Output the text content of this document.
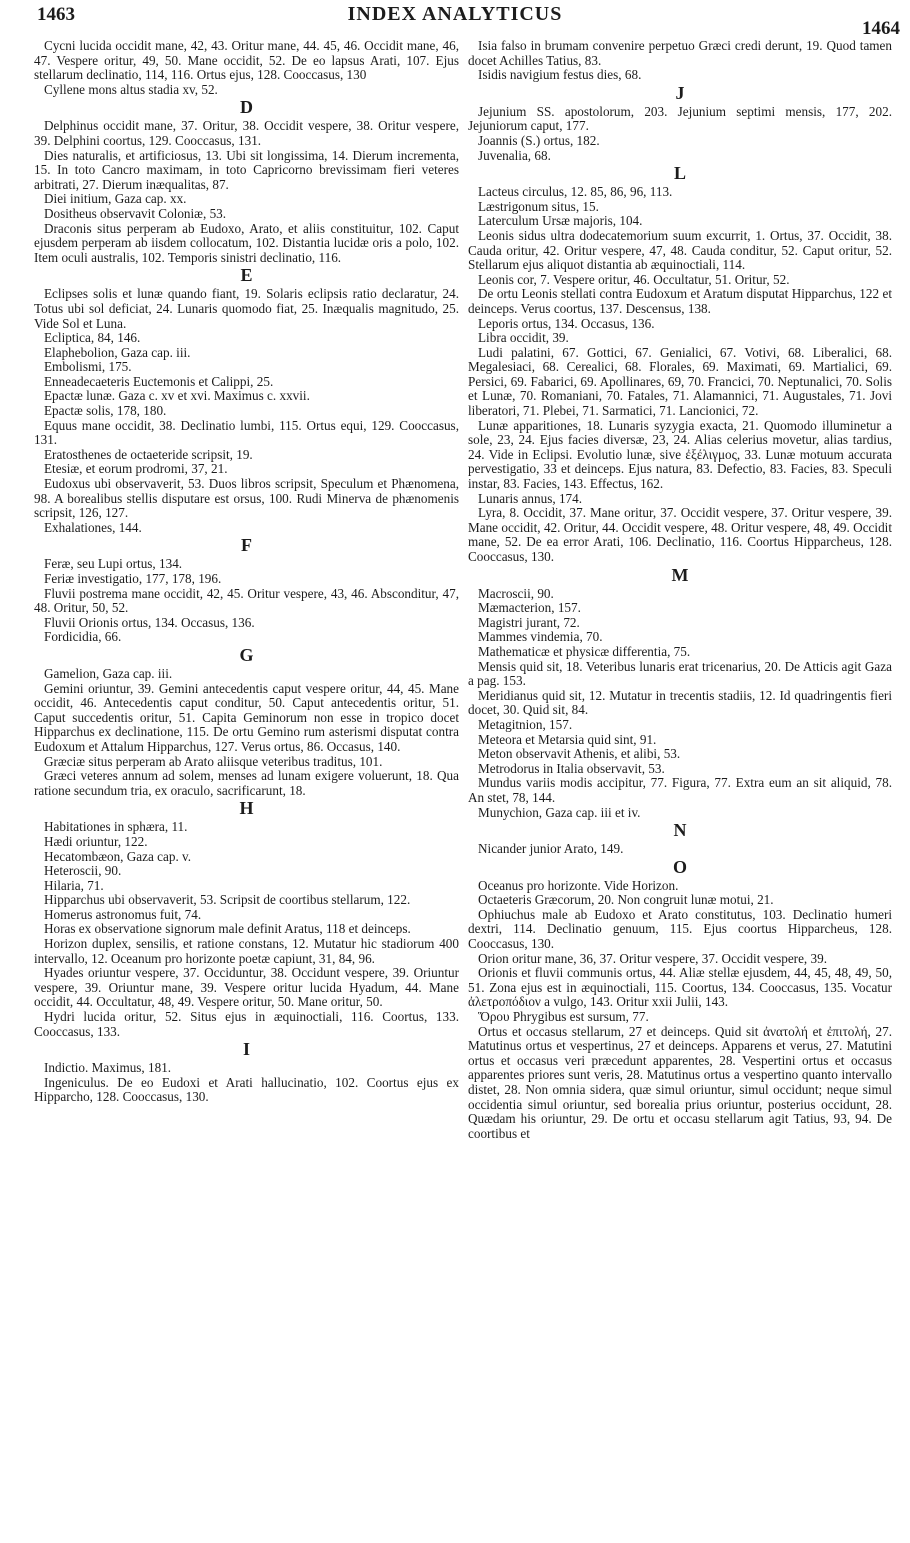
1463	INDEX ANALYTICUS
1464
Cycni lucida occidit mane, 42, 43. Oritur mane, 44. 45, 46. Occidit mane, 46, 47. Vespere oritur, 49, 50. Mane occidit, 52. De eo lapsus Arati, 107. Ejus stellarum declinatio, 114, 116. Ortus ejus, 128. Cooccasus, 130
Cyllene mons altus stadia xv, 52.
D
Delphinus occidit mane, 37. Oritur, 38. Occidit vespere, 38. Oritur vespere, 39. Delphini coortus, 129. Cooccasus, 131.
Dies naturalis, et artificiosus, 13. Ubi sit longissima, 14. Dierum incrementa, 15. In toto Cancro maximam, in toto Capricorno brevissimam fieri veteres arbitrati, 27. Dierum inæqualitas, 87.
Diei initium, Gaza cap. xx.
Dositheus observavit Coloniæ, 53.
Draconis situs perperam ab Eudoxo, Arato, et aliis constituitur, 102. Caput ejusdem perperam ab iisdem collocatum, 102. Distantia lucidæ oris a polo, 102. Item oculi australis, 102. Temporis sinistri declinatio, 116.
E
Eclipses solis et lunæ quando fiant, 19. Solaris eclipsis ratio declaratur, 24. Totus ubi sol deficiat, 24. Lunaris quomodo fiat, 25. Inæqualis magnitudo, 25. Vide Sol et Luna.
Ecliptica, 84, 146.
Elaphebolion, Gaza cap. iii.
Embolismi, 175.
Enneadecaeteris Euctemonis et Calippi, 25.
Epactæ lunæ. Gaza c. xv et xvi. Maximus c. xxvii.
Epactæ solis, 178, 180.
Equus mane occidit, 38. Declinatio lumbi, 115. Ortus equi, 129. Cooccasus, 131.
Eratosthenes de octaeteride scripsit, 19.
Etesiæ, et eorum prodromi, 37, 21.
Eudoxus ubi observaverit, 53. Duos libros scripsit, Speculum et Phænomena, 98. A borealibus stellis disputare est orsus, 100. Rudi Minerva de phænomenis scripsit, 126, 127.
Exhalationes, 144.
F
Feræ, seu Lupi ortus, 134.
Feriæ investigatio, 177, 178, 196.
Fluvii postrema mane occidit, 42, 45. Oritur vespere, 43, 46. Absconditur, 47, 48. Oritur, 50, 52.
Fluvii Orionis ortus, 134. Occasus, 136.
Fordicidia, 66.
G
Gamelion, Gaza cap. iii.
Gemini oriuntur, 39. Gemini antecedentis caput vespere oritur, 44, 45. Mane occidit, 46. Antecedentis caput conditur, 50. Caput antecedentis oritur, 51. Caput succedentis oritur, 51. Capita Geminorum non esse in tropico docet Hipparchus ex declinatione, 115. De ortu Gemino rum asterismi disputat contra Eudoxum et Attalum Hipparchus, 127. Verus ortus, 86. Occasus, 140.
Græciæ situs perperam ab Arato aliisque veteribus traditus, 101.
Græci veteres annum ad solem, menses ad lunam exigere voluerunt, 18. Qua ratione secundum tria, ex oraculo, sacrificarunt, 18.
H
Habitationes in sphæra, 11.
Hædi oriuntur, 122.
Hecatombæon, Gaza cap. v.
Heteroscii, 90.
Hilaria, 71.
Hipparchus ubi observaverit, 53. Scripsit de coortibus stellarum, 122.
Homerus astronomus fuit, 74.
Horas ex observatione signorum male definit Aratus, 118 et deinceps.
Horizon duplex, sensilis, et ratione constans, 12. Mutatur hic stadiorum 400 intervallo, 12. Oceanum pro horizonte poetæ capiunt, 31, 84, 96.
Hyades oriuntur vespere, 37. Occiduntur, 38. Occidunt vespere, 39. Oriuntur vespere, 39. Oriuntur mane, 39. Vespere oritur lucida Hyadum, 44. Mane occidit, 44. Occultatur, 48, 49. Vespere oritur, 50. Mane oritur, 50.
Hydri lucida oritur, 52. Situs ejus in æquinoctiali, 116. Coortus, 133. Cooccasus, 133.
I
Indictio. Maximus, 181.
Ingeniculus. De eo Eudoxi et Arati hallucinatio, 102. Coortus ejus ex Hipparcho, 128. Cooccasus, 130.
Isia falso in brumam convenire perpetuo Græci credi derunt, 19. Quod tamen docet Achilles Tatius, 83.
Isidis navigium festus dies, 68.
J
Jejunium SS. apostolorum, 203. Jejunium septimi mensis, 177, 202. Jejuniorum caput, 177.
Joannis (S.) ortus, 182.
Juvenalia, 68.
L
Lacteus circulus, 12. 85, 86, 96, 113.
Læstrigonum situs, 15.
Laterculum Ursæ majoris, 104.
Leonis sidus ultra dodecatemorium suum excurrit, 1. Ortus, 37. Occidit, 38. Cauda oritur, 42. Oritur vespere, 47, 48. Cauda conditur, 52. Caput oritur, 52. Stellarum ejus aliquot distantia ab æquinoctiali, 114.
Leonis cor, 7. Vespere oritur, 46. Occultatur, 51. Oritur, 52.
De ortu Leonis stellati contra Eudoxum et Aratum disputat Hipparchus, 122 et deinceps. Verus coortus, 137. Descensus, 138.
Leporis ortus, 134. Occasus, 136.
Libra occidit, 39.
Ludi palatini, 67. Gottici, 67. Genialici, 67. Votivi, 68. Liberalici, 68. Megalesiaci, 68. Cerealici, 68. Florales, 69. Maximati, 69. Martialici, 69. Persici, 69. Fabarici, 69. Apollinares, 69, 70. Francici, 70. Neptunalici, 70. Solis et Lunæ, 70. Romaniani, 70. Fatales, 71. Alamannici, 71. Augustales, 71. Jovi liberatori, 71. Plebei, 71. Sarmatici, 71. Lancionici, 72.
Lunæ apparitiones, 18. Lunaris syzygia exacta, 21. Quomodo illuminetur a sole, 23, 24. Ejus facies diversæ, 23, 24. Alias celerius movetur, alias tardius, 24. Vide in Eclipsi. Evolutio lunæ, sive ἐξέλιγμος, 33. Lunæ motuum accurata pervestigatio, 33 et deinceps. Ejus natura, 83. Defectio, 83. Facies, 83. Speculi instar, 83. Facies, 143. Effectus, 162.
Lunaris annus, 174.
Lyra, 8. Occidit, 37. Mane oritur, 37. Occidit vespere, 37. Oritur vespere, 39. Mane occidit, 42. Oritur, 44. Occidit vespere, 48. Oritur vespere, 48, 49. Occidit mane, 52. De ea error Arati, 106. Declinatio, 116. Coortus Hipparcheus, 128. Cooccasus, 130.
M
Macroscii, 90.
Mæmacterion, 157.
Magistri jurant, 72.
Mammes vindemia, 70.
Mathematicæ et physicæ differentia, 75.
Mensis quid sit, 18. Veteribus lunaris erat tricenarius, 20. De Atticis agit Gaza a pag. 153.
Meridianus quid sit, 12. Mutatur in trecentis stadiis, 12. Id quadringentis fieri docet, 30. Quid sit, 84.
Metagitnion, 157.
Meteora et Metarsia quid sint, 91.
Meton observavit Athenis, et alibi, 53.
Metrodorus in Italia observavit, 53.
Mundus variis modis accipitur, 77. Figura, 77. Extra eum an sit aliquid, 78. An stet, 78, 144.
Munychion, Gaza cap. iii et iv.
N
Nicander junior Arato, 149.
O
Oceanus pro horizonte. Vide Horizon.
Octaeteris Græcorum, 20. Non congruit lunæ motui, 21.
Ophiuchus male ab Eudoxo et Arato constitutus, 103. Declinatio humeri dextri, 114. Declinatio genuum, 115. Ejus coortus Hipparcheus, 128. Cooccasus, 130.
Orion oritur mane, 36, 37. Oritur vespere, 37. Occidit vespere, 39.
Orionis et fluvii communis ortus, 44. Aliæ stellæ ejusdem, 44, 45, 48, 49, 50, 51. Zona ejus est in æquinoctiali, 115. Coortus, 134. Cooccasus, 135. Vocatur ἀλετροπόδιον a vulgo, 143. Oritur xxii Julii, 143.
Ὅρου Phrygibus est sursum, 77.
Ortus et occasus stellarum, 27 et deinceps. Quid sit ἀνατολή et ἐπιτολή, 27. Matutinus ortus et vespertinus, 27 et deinceps. Apparens et verus, 27. Matutini ortus et occasus veri præcedunt apparentes, 28. Vespertini ortus et occasus apparentes priores sunt veris, 28. Matutinus ortus a vespertino quanto intervallo distet, 28. Non omnia sidera, quæ simul oriuntur, simul occidunt; neque simul occidentia simul oriuntur, sed borealia prius oriuntur, posterius occidunt, 28. Quædam his oriuntur, 29. De ortu et occasu stellarum agit Tatius, 93, 94. De coortibus et
